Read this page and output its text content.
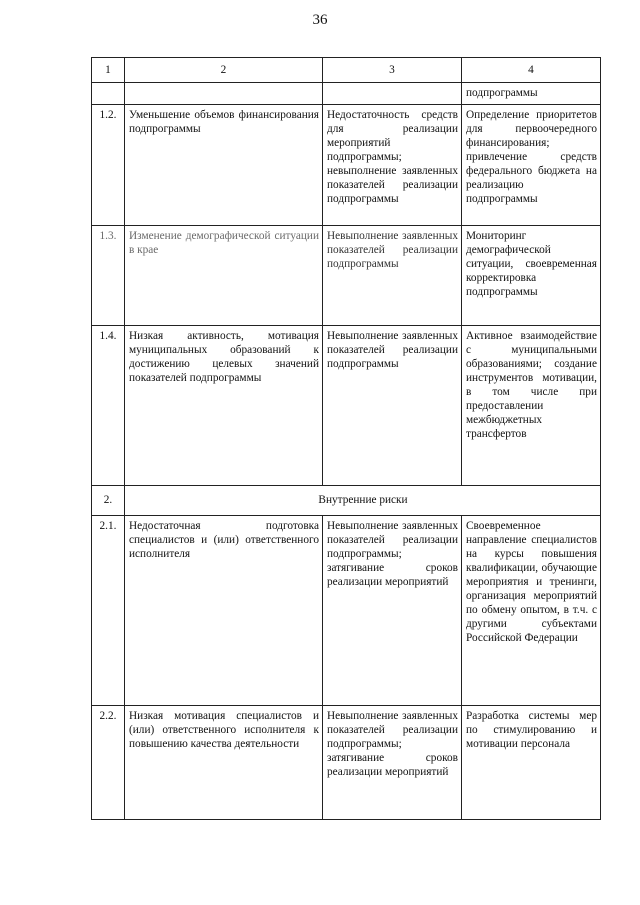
36
1	2	3	4
			подпрограммы
1.2.	Уменьшение объемов финансирования подпрограммы	Недостаточность средств для реализации мероприятий подпрограммы; невыполнение заявленных показателей реализации подпрограммы	Определение приоритетов для первоочередного финансирования; привлечение средств федерального бюджета на реализацию подпрограммы
1.3.	Изменение демографической ситуации в крае	Невыполнение заявленных показателей реализации подпрограммы	Мониторинг демографической ситуации, своевременная корректировка подпрограммы
1.4.	Низкая активность, мотивация муниципальных образований к достижению целевых значений показателей подпрограммы	Невыполнение заявленных показателей реализации подпрограммы	Активное взаимодействие с муниципальными образованиями; создание инструментов мотивации, в том числе при предоставлении межбюджетных трансфертов
2.	Внутренние риски		
2.1.	Недостаточная подготовка специалистов и (или) ответственного исполнителя	Невыполнение заявленных показателей реализации подпрограммы; затягивание сроков реализации мероприятий	Своевременное направление специалистов на курсы повышения квалификации, обучающие мероприятия и тренинги, организация мероприятий по обмену опытом, в т.ч. с другими субъектами Российской Федерации
2.2.	Низкая мотивация специалистов и (или) ответственного исполнителя к повышению качества деятельности	Невыполнение заявленных показателей реализации подпрограммы; затягивание сроков реализации мероприятий	Разработка системы мер по стимулированию и мотивации персонала
